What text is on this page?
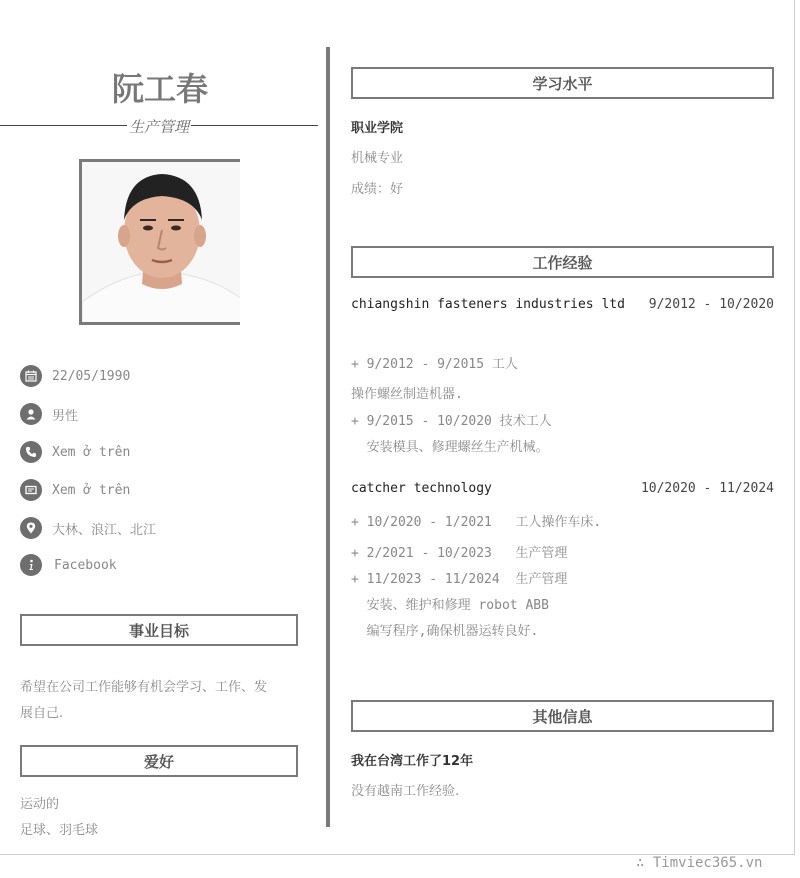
阮工春
生产管理
22/05/1990
男性
Xem ở trên
Xem ở trên
大林、浪江、北江
Facebook
事业目标
希望在公司工作能够有机会学习、工作、发
展自己.
爱好
运动的
足球、羽毛球
学习水平
职业学院
机械专业
成绩：好
工作经验
chiangshin fasteners industries ltd	9/2012 - 10/2020
+ 9/2012 - 9/2015 工人
操作螺丝制造机器.
+ 9/2015 - 10/2020 技术工人
安装模具、修理螺丝生产机械。
catcher technology	10/2020 - 11/2024
+ 10/2020 - 1/2021   工人操作车床.
+ 2/2021 - 10/2023   生产管理
+ 11/2023 - 11/2024  生产管理
安装、维护和修理 robot ABB
编写程序,确保机器运转良好.
其他信息
我在台湾工作了12年
没有越南工作经验.
∴ Timviec365.vn
